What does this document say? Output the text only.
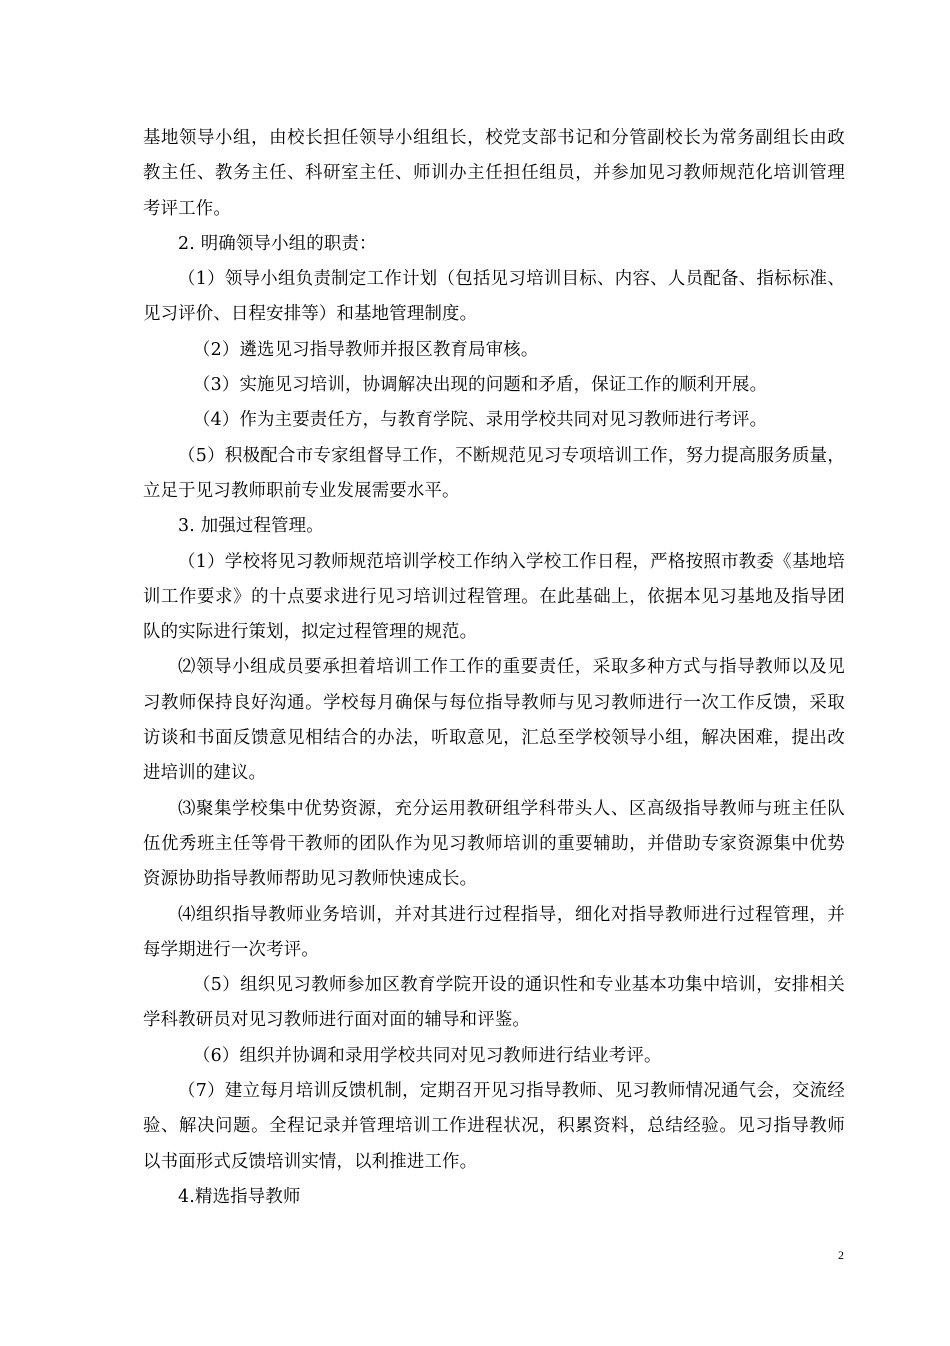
基地领导小组，由校长担任领导小组组长，校党支部书记和分管副校长为常务副组长由政教主任、教务主任、科研室主任、师训办主任担任组员，并参加见习教师规范化培训管理考评工作。

2. 明确领导小组的职责：

（1）领导小组负责制定工作计划（包括见习培训目标、内容、人员配备、指标标准、见习评价、日程安排等）和基地管理制度。

（2）遴选见习指导教师并报区教育局审核。

（3）实施见习培训，协调解决出现的问题和矛盾，保证工作的顺利开展。

（4）作为主要责任方，与教育学院、录用学校共同对见习教师进行考评。

（5）积极配合市专家组督导工作，不断规范见习专项培训工作，努力提高服务质量，立足于见习教师职前专业发展需要水平。

3. 加强过程管理。

（1）学校将见习教师规范培训学校工作纳入学校工作日程，严格按照市教委《基地培训工作要求》的十点要求进行见习培训过程管理。在此基础上，依据本见习基地及指导团队的实际进行策划，拟定过程管理的规范。

⑵领导小组成员要承担着培训工作工作的重要责任，采取多种方式与指导教师以及见习教师保持良好沟通。学校每月确保与每位指导教师与见习教师进行一次工作反馈，采取访谈和书面反馈意见相结合的办法，听取意见，汇总至学校领导小组，解决困难，提出改进培训的建议。

⑶聚集学校集中优势资源，充分运用教研组学科带头人、区高级指导教师与班主任队伍优秀班主任等骨干教师的团队作为见习教师培训的重要辅助，并借助专家资源集中优势资源协助指导教师帮助见习教师快速成长。

⑷组织指导教师业务培训，并对其进行过程指导，细化对指导教师进行过程管理，并每学期进行一次考评。

（5）组织见习教师参加区教育学院开设的通识性和专业基本功集中培训，安排相关学科教研员对见习教师进行面对面的辅导和评鉴。

（6）组织并协调和录用学校共同对见习教师进行结业考评。

（7）建立每月培训反馈机制，定期召开见习指导教师、见习教师情况通气会，交流经验、解决问题。全程记录并管理培训工作进程状况，积累资料，总结经验。见习指导教师以书面形式反馈培训实情，以利推进工作。

4.精选指导教师

2
